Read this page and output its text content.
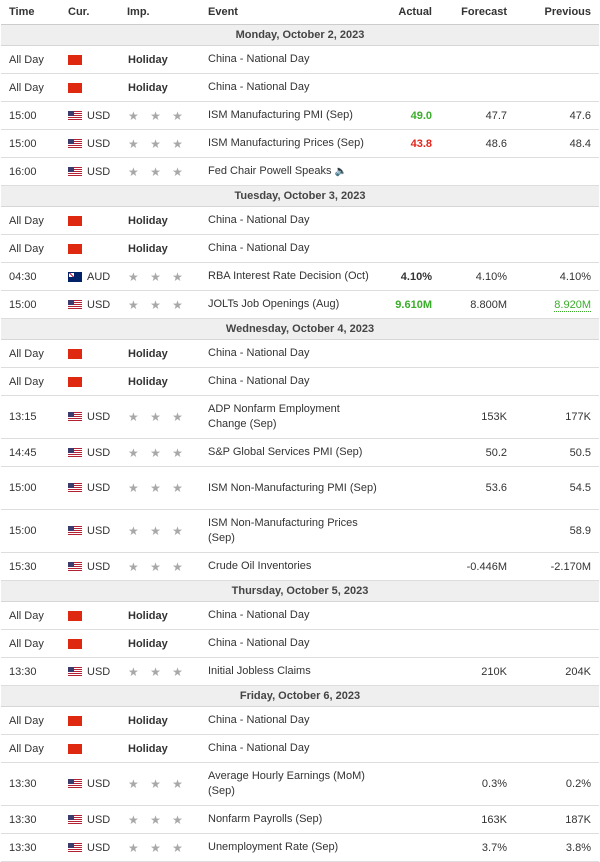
Time	Cur.	Imp.	Event	Actual	Forecast	Previous
Monday, October 2, 2023						
All Day		Holiday	China - National Day			
All Day		Holiday	China - National Day			
15:00	USD	★ ★ ★	ISM Manufacturing PMI (Sep)	49.0	47.7	47.6
15:00	USD	★ ★ ★	ISM Manufacturing Prices (Sep)	43.8	48.6	48.4
16:00	USD	★ ★ ★	Fed Chair Powell Speaks 🔈			
Tuesday, October 3, 2023						
All Day		Holiday	China - National Day			
All Day		Holiday	China - National Day			
04:30	AUD	★ ★ ★	RBA Interest Rate Decision (Oct)	4.10%	4.10%	4.10%
15:00	USD	★ ★ ★	JOLTs Job Openings (Aug)	9.610M	8.800M	8.920M
Wednesday, October 4, 2023						
All Day		Holiday	China - National Day			
All Day		Holiday	China - National Day			
13:15	USD	★ ★ ★	ADP Nonfarm Employment Change (Sep)		153K	177K
14:45	USD	★ ★ ★	S&P Global Services PMI (Sep)		50.2	50.5
15:00	USD	★ ★ ★	ISM Non-Manufacturing PMI (Sep)		53.6	54.5
15:00	USD	★ ★ ★	ISM Non-Manufacturing Prices (Sep)			58.9
15:30	USD	★ ★ ★	Crude Oil Inventories		-0.446M	-2.170M
Thursday, October 5, 2023						
All Day		Holiday	China - National Day			
All Day		Holiday	China - National Day			
13:30	USD	★ ★ ★	Initial Jobless Claims		210K	204K
Friday, October 6, 2023						
All Day		Holiday	China - National Day			
All Day		Holiday	China - National Day			
13:30	USD	★ ★ ★	Average Hourly Earnings (MoM) (Sep)		0.3%	0.2%
13:30	USD	★ ★ ★	Nonfarm Payrolls (Sep)		163K	187K
13:30	USD	★ ★ ★	Unemployment Rate (Sep)		3.7%	3.8%
